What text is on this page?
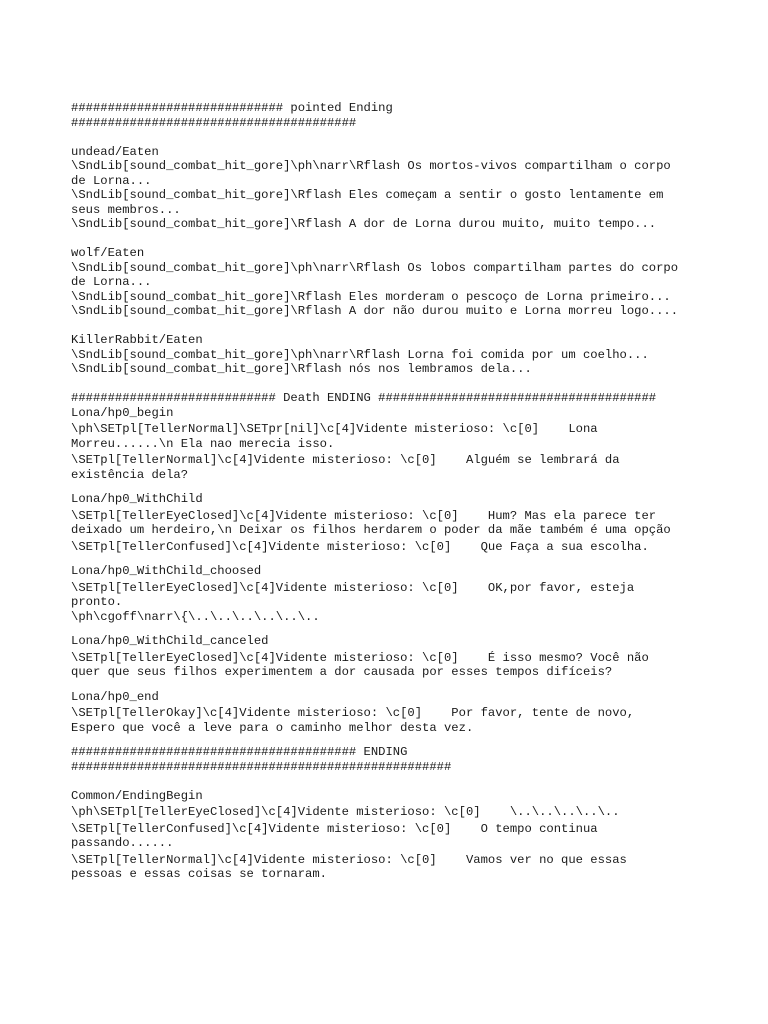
############################# pointed Ending
#######################################
undead/Eaten
\SndLib[sound_combat_hit_gore]\ph\narr\Rflash Os mortos-vivos compartilham o corpo
de Lorna...
\SndLib[sound_combat_hit_gore]\Rflash Eles começam a sentir o gosto lentamente em
seus membros...
\SndLib[sound_combat_hit_gore]\Rflash A dor de Lorna durou muito, muito tempo...
wolf/Eaten
\SndLib[sound_combat_hit_gore]\ph\narr\Rflash Os lobos compartilham partes do corpo
de Lorna...
\SndLib[sound_combat_hit_gore]\Rflash Eles morderam o pescoço de Lorna primeiro...
\SndLib[sound_combat_hit_gore]\Rflash A dor não durou muito e Lorna morreu logo....
KillerRabbit/Eaten
\SndLib[sound_combat_hit_gore]\ph\narr\Rflash Lorna foi comida por um coelho...
\SndLib[sound_combat_hit_gore]\Rflash nós nos lembramos dela...
############################ Death ENDING ######################################
Lona/hp0_begin
\ph\SETpl[TellerNormal]\SETpr[nil]\c[4]Vidente misterioso: \c[0]    Lona
Morreu......\n Ela nao merecia isso.
\SETpl[TellerNormal]\c[4]Vidente misterioso: \c[0]    Alguém se lembrará da
existência dela?
Lona/hp0_WithChild
\SETpl[TellerEyeClosed]\c[4]Vidente misterioso: \c[0]    Hum? Mas ela parece ter
deixado um herdeiro,\n Deixar os filhos herdarem o poder da mãe também é uma opção
\SETpl[TellerConfused]\c[4]Vidente misterioso: \c[0]    Que Faça a sua escolha.
Lona/hp0_WithChild_choosed
\SETpl[TellerEyeClosed]\c[4]Vidente misterioso: \c[0]    OK,por favor, esteja
pronto.
\ph\cgoff\narr\{\..\..\..\..\..\..
Lona/hp0_WithChild_canceled
\SETpl[TellerEyeClosed]\c[4]Vidente misterioso: \c[0]    É isso mesmo? Você não
quer que seus filhos experimentem a dor causada por esses tempos difíceis?
Lona/hp0_end
\SETpl[TellerOkay]\c[4]Vidente misterioso: \c[0]    Por favor, tente de novo,
Espero que você a leve para o caminho melhor desta vez.
####################################### ENDING
####################################################
Common/EndingBegin
\ph\SETpl[TellerEyeClosed]\c[4]Vidente misterioso: \c[0]    \..\..\..\..\..
\SETpl[TellerConfused]\c[4]Vidente misterioso: \c[0]    O tempo continua
passando......
\SETpl[TellerNormal]\c[4]Vidente misterioso: \c[0]    Vamos ver no que essas
pessoas e essas coisas se tornaram.
